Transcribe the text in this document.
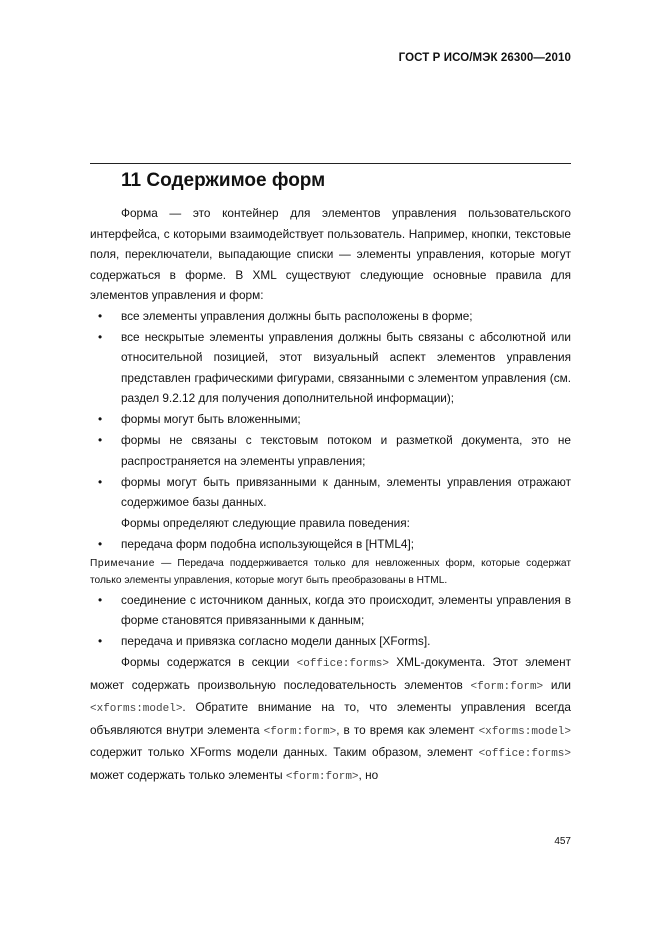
ГОСТ Р ИСО/МЭК 26300—2010
11 Содержимое форм

Форма — это контейнер для элементов управления пользовательского интерфейса, с которыми взаимодействует пользователь. Например, кнопки, текстовые поля, переключатели, выпадающие списки — элементы управления, которые могут содержаться в форме. В XML существуют следующие основные правила для элементов управления и форм:

• все элементы управления должны быть расположены в форме;
• все нескрытые элементы управления должны быть связаны с абсолютной или относительной позицией, этот визуальный аспект элементов управления представлен графическими фигурами, связанными с элементом управления (см. раздел 9.2.12 для получения дополнительной информации);
• формы могут быть вложенными;
• формы не связаны с текстовым потоком и разметкой документа, это не распространяется на элементы управления;
• формы могут быть привязанными к данным, элементы управления отражают содержимое базы данных.

Формы определяют следующие правила поведения:

• передача форм подобна использующейся в [HTML4];

Примечание — Передача поддерживается только для невложенных форм, которые содержат только элементы управления, которые могут быть преобразованы в HTML.

• соединение с источником данных, когда это происходит, элементы управления в форме становятся привязанными к данным;
• передача и привязка согласно модели данных [XForms].

Формы содержатся в секции <office:forms> XML-документа. Этот элемент может содержать произвольную последовательность элементов <form:form> или <xforms:model>. Обратите внимание на то, что элементы управления всегда объявляются внутри элемента <form:form>, в то время как элемент <xforms:model> содержит только XForms модели данных. Таким образом, элемент <office:forms> может содержать только элементы <form:form>, но

457
